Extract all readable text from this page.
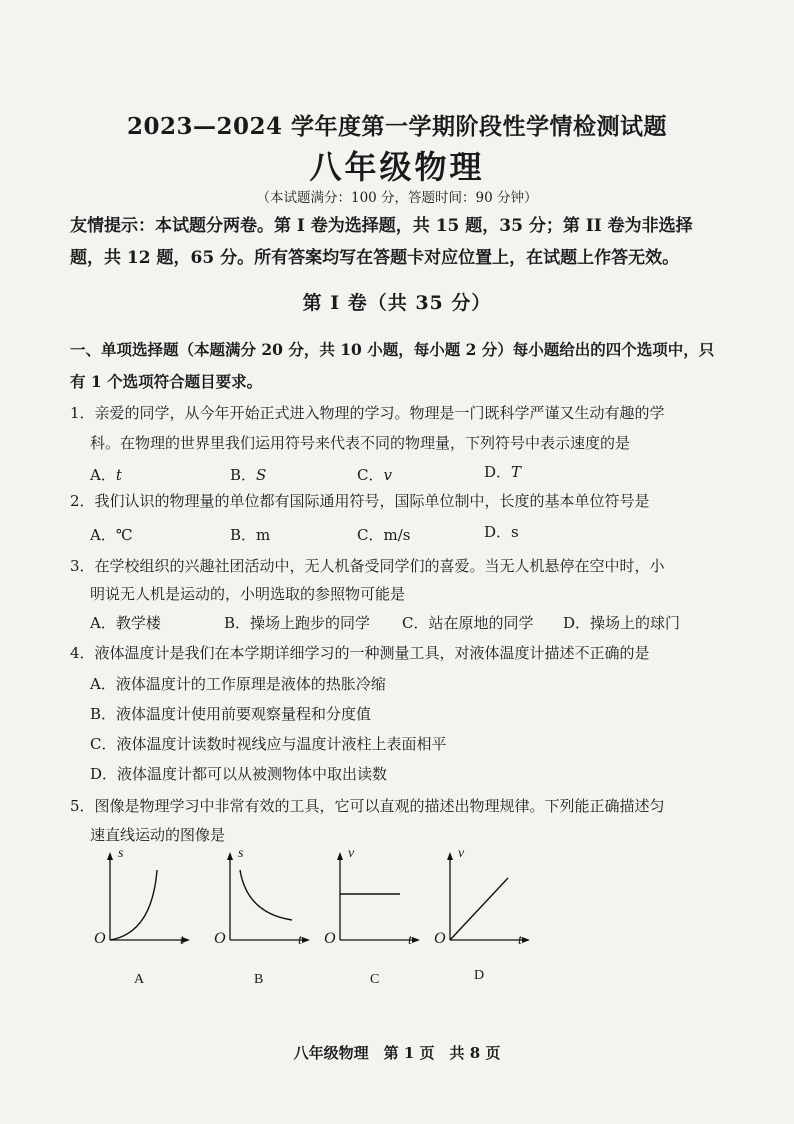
2023—2024 学年度第一学期阶段性学情检测试题
八年级物理
（本试题满分：100 分，答题时间：90 分钟）
友情提示：本试题分两卷。第 I 卷为选择题，共 15 题，35 分；第 II 卷为非选择
题，共 12 题，65 分。所有答案均写在答题卡对应位置上，在试题上作答无效。
第 I 卷（共 35 分）
一、单项选择题（本题满分 20 分，共 10 小题，每小题 2 分）每小题给出的四个选项中，只
有 1 个选项符合题目要求。
1．亲爱的同学，从今年开始正式进入物理的学习。物理是一门既科学严谨又生动有趣的学
科。在物理的世界里我们运用符号来代表不同的物理量，下列符号中表示速度的是
A．t	B．S	C．v	D．T
2．我们认识的物理量的单位都有国际通用符号，国际单位制中，长度的基本单位符号是
A．℃	B．m	C．m/s	D．s
3．在学校组织的兴趣社团活动中，无人机备受同学们的喜爱。当无人机悬停在空中时，小
明说无人机是运动的，小明选取的参照物可能是
A．教学楼	B．操场上跑步的同学 C．站在原地的同学 D．操场上的球门
4．液体温度计是我们在本学期详细学习的一种测量工具，对液体温度计描述不正确的是
A．液体温度计的工作原理是液体的热胀冷缩
B．液体温度计使用前要观察量程和分度值
C．液体温度计读数时视线应与温度计液柱上表面相平
D．液体温度计都可以从被测物体中取出读数
5．图像是物理学习中非常有效的工具，它可以直观的描述出物理规律。下列能正确描述匀
速直线运动的图像是
s
O	t
A
s
O	t
B
v
O	t
C
v
O	t
D
八年级物理　第 1 页　共 8 页
